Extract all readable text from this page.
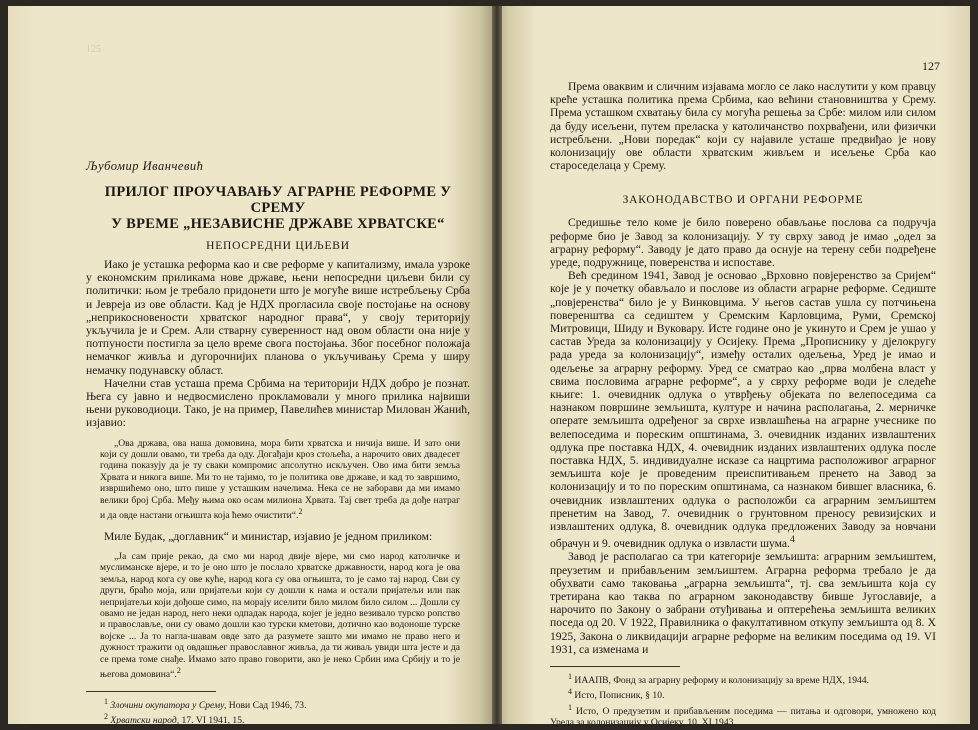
125
Љубомир Иванчевић
ПРИЛОГ ПРОУЧАВАЊУ АГРАРНЕ РЕФОРМЕ У СРЕМУ
У ВРЕМЕ „НЕЗАВИСНЕ ДРЖАВЕ ХРВАТСКЕ“
НЕПОСРЕДНИ ЦИЉЕВИ

Иако је усташка реформа као и све реформе у капитализму, имала узроке у економским приликама нове државе, њени непосредни циљеви били су политички: њом је требало придонети што је могуће више истребљењу Срба и Јевреја из ове области. Кад је НДХ прогласила своје постојање на основу „неприкосновености хрватског народног права“, у своју територију укључила је и Срем. Али стварну суверенност над овом области она није у потпуности постигла за цело време свога постојања. Због посебног положаја немачког живља и дугорочнијих планова о укључивању Срема у ширу немачку подунавску област.

Начелни став усташа према Србима на територији НДХ добро је познат. Њега су јавно и недвосмислено прокламовали у много прилика највиши њени руководиоци. Тако, је на пример, Павелићев министар Милован Жанић, изјавио:

„Ова држава, ова наша домовина, мора бити хрватска и ничија више. И зато они који су дошли овамо, ти треба да оду. Догађаји кроз стољећа, а нарочито ових двадесет година показују да је ту сваки компромис апсолутно искључен. Ово има бити земља Хрвата и никога више. Ми то не тајимо, то је политика ове државе, и кад то завршимо, извршићемо оно, што пише у усташким начелима. Нека се не заборави да ми имамо велики број Срба. Међу њима око осам милиона Хрвата. Тај свет треба да дође натраг и да овде настани огњишта која ћемо очистити“.$^2$

Миле Будак, „доглавник“ и министар, изјавио је једном приликом:

„Ја сам прије рекао, да смо ми народ двије вјере, ми смо народ католичке и муслиманске вјере, и то је оно што је послало хрватске државности, народ кога је ова земља, народ кога су ове куће, народ кога су ова огњишта, то је само тај народ. Сви су други, браћо моја, или пријатељи који су дошли к нама и остали пријатељи или пак непријатељи који дођоше симо, па морају иселити било милом било силом ... Дошли су овамо не један народ, него неки одпадак народа, којег је једно везивало турско ропство и православље, они су овамо дошли као турски кметови, дотично као водоноше турске војске ... Ја то нагла-шавам овде зато да разумете зашто ми имамо не право него и дужност тражити од овдашњег православног живља, да ти живаљ увиди шта јесте и да се према томе снађе. Имамо зато право говорити, ако је неко Србин има Србију и то је његова домовина“.$^2$

$^1$ Злочини окупатора у Срему, Нови Сад 1946, 73.

$^2$ Хрватски народ, 17. VI 1941, 15.

127

Према оваквим и сличним изјавама могло се лако наслутити у ком правцу креће усташка политика према Србима, као већини становништва у Срему. Према усташком схватању била су могућа решења за Србе: милом или силом да буду исељени, путем преласка у католичанство похрвађени, или физички истребљени. „Нови поредак“ који су најавиле усташе предвиђао је нову колонизацију ове области хрватским живљем и исељење Срба као староседелаца у Срему.

ЗАКОНОДАВСТВО И ОРГАНИ РЕФОРМЕ

Средишње тело коме је било поверено обављање послова са подручја реформе био је Завод за колонизацију. У ту сврху завод је имао „одел за аграрну реформу“. Заводу је дато право да оснује на терену себи подређене уреде, подружнице, поверенства и испоставе.

Већ средином 1941, Завод је основао „Врховно повјеренство за Сријем“ које је у почетку обављало и послове из области аграрне реформе. Седиште „повјеренства“ било је у Винковцима. У његов састав ушла су потчињена поверенштва са седиштем у Сремским Карловцима, Руми, Сремској Митровици, Шиду и Вуковару. Исте године оно је укинуто и Срем је ушао у састав Уреда за колонизацију у Осијеку. Према „Прописнику у дјелокругу рада уреда за колонизацију“, између осталих одељења, Уред је имао и одељење за аграрну реформу. Уред се сматрао као „прва молбена власт у свима пословима аграрне реформе“, а у сврху реформе води је следеће књиге: 1. очевидник одлука о утврђењу објеката по велепоседима са назнаком површине земљишта, културе и начина располагања, 2. мерничке операте земљишта одређеног за сврхе извлашћења на аграрне учеснике по велепоседима и пореским општинама, 3. очевидник изданих извлаштених одлука пре поставка НДХ, 4. очевидник изданих извлаштених одлука после поставка НДХ, 5. индивидуалне исказе са нацртима расположивог аграрног земљишта које је проведеним преиспитивањем пренето на Завод за колонизацију и то по пореским општинама, са назнаком бившег власника, 6. очевидник извлаштених одлука о расположби са аграрним земљиштем пренетим на Завод, 7. очевидник о грунтовном преносу ревизијских и извлаштених одлука, 8. очевидник одлука предложених Заводу за новчани обрачун и 9. очевидник одлука о извласти шума.$^4$

Завод је располагао са три категорије земљишта: аграрним земљиштем, преузетим и прибављеним земљиштем. Аграрна реформа требало је да обухвати само таковања „аграрна земљишта“, тј. сва земљишта која су третирана као таква по аграрном законодавству бивше Југославије, а нарочито по Закону о забрани отуђивања и оптерећења земљишта великих поседа од 20. V 1922, Правилника о факултативном откупу земљишта од 8. X 1925, Закона о ликвидацији аграрне реформе на великим поседима од 19. VI 1931, са изменама и

$^1$ ИААПВ, Фонд за аграрну реформу и колонизацију за време НДХ, 1944.

$^4$ Исто, Пописник, § 10.

$^1$ Исто, О предузетим и прибављеним поседима — питања и одговори, умножено код Уреда за колонизацију у Осијеку, 10. XI 1943.
